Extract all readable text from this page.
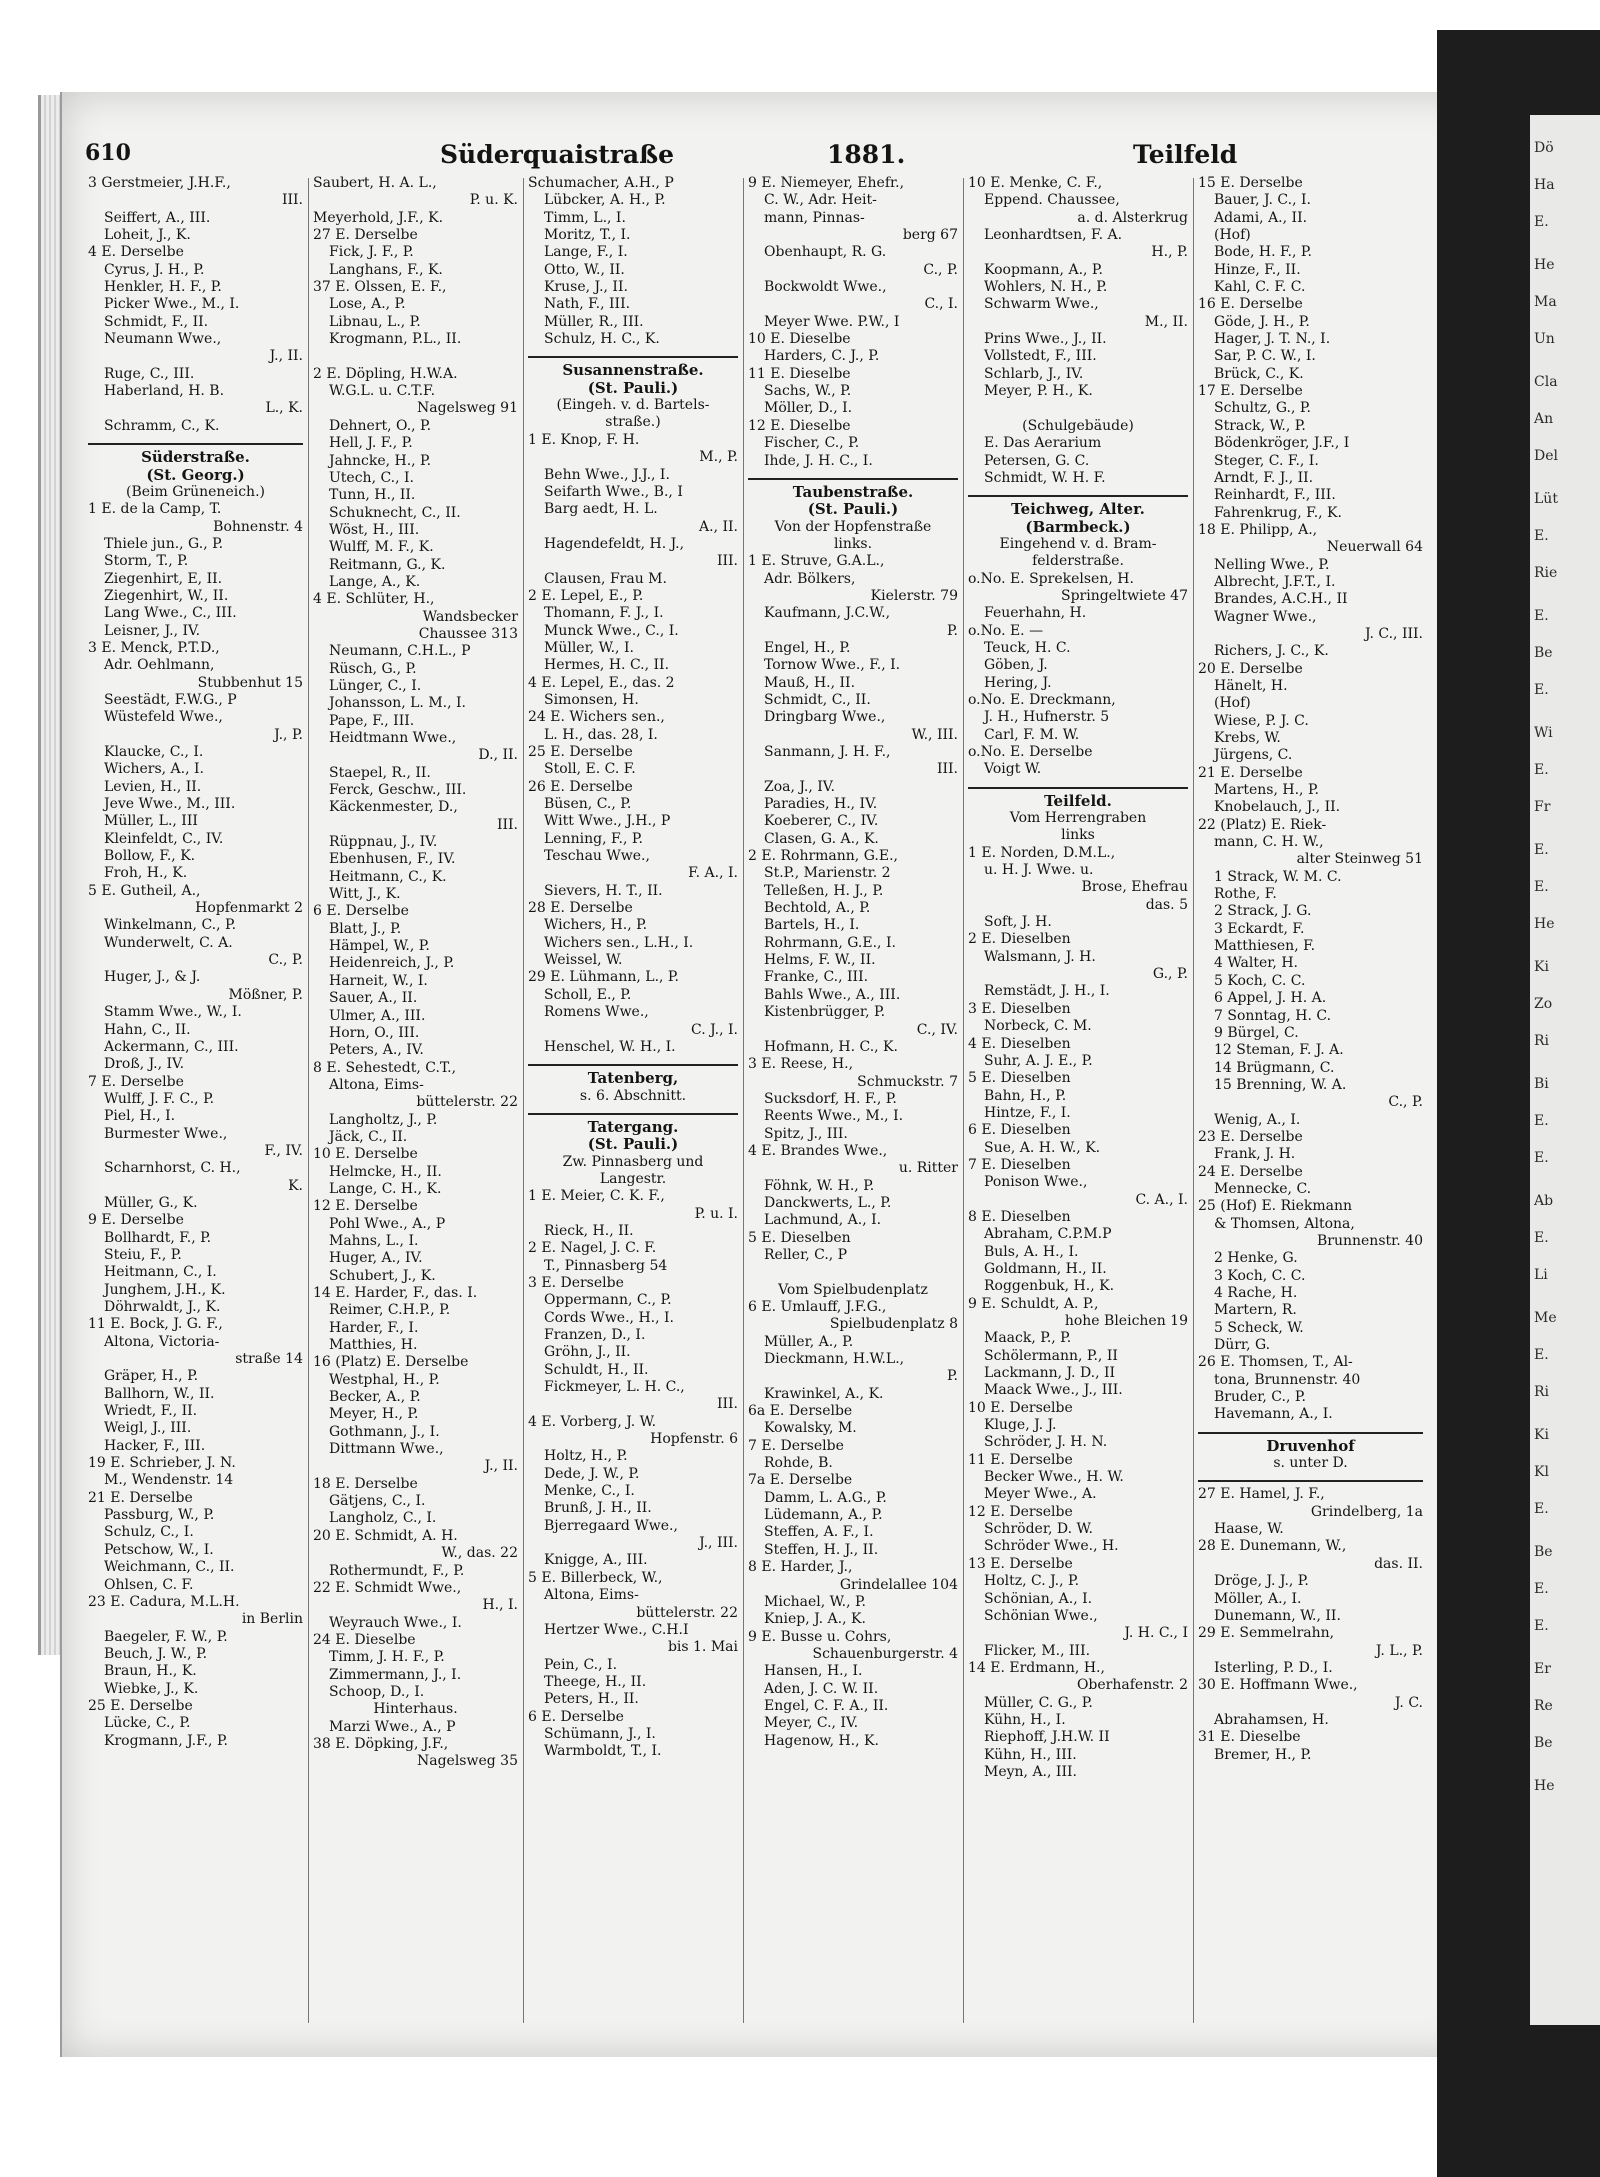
Dö
Ha
E.
He
Ma
Un
Cla
An
Del
Lüt
E.
Rie
E.
Be
E.
Wi
E.
Fr
E.
E.
He
Ki
Zo
Ri
Bi
E.
E.
Ab
E.
Li
Me
E.
Ri
Ki
Kl
E.
Be
E.
E.
Er
Re
Be
He
610	Süderquaistraße	1881.	Teilfeld
3 Gerstmeier, J.H.F.,
III.
Seiffert, A., III.
Loheit, J., K.
4 E. Derselbe
Cyrus, J. H., P.
Henkler, H. F., P.
Picker Wwe., M., I.
Schmidt, F., II.
Neumann Wwe.,
J., II.
Ruge, C., III.
Haberland, H. B.
L., K.
Schramm, C., K.
Süderstraße.
(St. Georg.)
(Beim Grüneneich.)
1 E. de la Camp, T.
Bohnenstr. 4
Thiele jun., G., P.
Storm, T., P.
Ziegenhirt, E, II.
Ziegenhirt, W., II.
Lang Wwe., C., III.
Leisner, J., IV.
3 E. Menck, P.T.D.,
Adr. Oehlmann,
Stubbenhut 15
Seestädt, F.W.G., P
Wüstefeld Wwe.,
J., P.
Klaucke, C., I.
Wichers, A., I.
Levien, H., II.
Jeve Wwe., M., III.
Müller, L., III
Kleinfeldt, C., IV.
Bollow, F., K.
Froh, H., K.
5 E. Gutheil, A.,
Hopfenmarkt 2
Winkelmann, C., P.
Wunderwelt, C. A.
C., P.
Huger, J., & J.
Mößner, P.
Stamm Wwe., W., I.
Hahn, C., II.
Ackermann, C., III.
Droß, J., IV.
7 E. Derselbe
Wulff, J. F. C., P.
Piel, H., I.
Burmester Wwe.,
F., IV.
Scharnhorst, C. H.,
K.
Müller, G., K.
9 E. Derselbe
Bollhardt, F., P.
Steiu, F., P.
Heitmann, C., I.
Junghem, J.H., K.
Döhrwaldt, J., K.
11 E. Bock, J. G. F.,
Altona, Victoria-
straße 14
Gräper, H., P.
Ballhorn, W., II.
Wriedt, F., II.
Weigl, J., III.
Hacker, F., III.
19 E. Schrieber, J. N.
M., Wendenstr. 14
21 E. Derselbe
Passburg, W., P.
Schulz, C., I.
Petschow, W., I.
Weichmann, C., II.
Ohlsen, C. F.
23 E. Cadura, M.L.H.
in Berlin
Baegeler, F. W., P.
Beuch, J. W., P.
Braun, H., K.
Wiebke, J., K.
25 E. Derselbe
Lücke, C., P.
Krogmann, J.F., P.
Saubert, H. A. L.,
P. u. K.
Meyerhold, J.F., K.
27 E. Derselbe
Fick, J. F., P.
Langhans, F., K.
37 E. Olssen, E. F.,
Lose, A., P.
Libnau, L., P.
Krogmann, P.L., II.
2 E. Döpling, H.W.A.
W.G.L. u. C.T.F.
Nagelsweg 91
Dehnert, O., P.
Hell, J. F., P.
Jahncke, H., P.
Utech, C., I.
Tunn, H., II.
Schuknecht, C., II.
Wöst, H., III.
Wulff, M. F., K.
Reitmann, G., K.
Lange, A., K.
4 E. Schlüter, H.,
Wandsbecker
Chaussee 313
Neumann, C.H.L., P
Rüsch, G., P.
Lünger, C., I.
Johansson, L. M., I.
Pape, F., III.
Heidtmann Wwe.,
D., II.
Staepel, R., II.
Ferck, Geschw., III.
Käckenmester, D.,
III.
Rüppnau, J., IV.
Ebenhusen, F., IV.
Heitmann, C., K.
Witt, J., K.
6 E. Derselbe
Blatt, J., P.
Hämpel, W., P.
Heidenreich, J., P.
Harneit, W., I.
Sauer, A., II.
Ulmer, A., III.
Horn, O., III.
Peters, A., IV.
8 E. Sehestedt, C.T.,
Altona, Eims-
büttelerstr. 22
Langholtz, J., P.
Jäck, C., II.
10 E. Derselbe
Helmcke, H., II.
Lange, C. H., K.
12 E. Derselbe
Pohl Wwe., A., P
Mahns, L., I.
Huger, A., IV.
Schubert, J., K.
14 E. Harder, F., das. I.
Reimer, C.H.P., P.
Harder, F., I.
Matthies, H.
16 (Platz) E. Derselbe
Westphal, H., P.
Becker, A., P.
Meyer, H., P.
Gothmann, J., I.
Dittmann Wwe.,
J., II.
18 E. Derselbe
Gätjens, C., I.
Langholz, C., I.
20 E. Schmidt, A. H.
W., das. 22
Rothermundt, F., P.
22 E. Schmidt Wwe.,
H., I.
Weyrauch Wwe., I.
24 E. Dieselbe
Timm, J. H. F., P.
Zimmermann, J., I.
Schoop, D., I.
Hinterhaus.
Marzi Wwe., A., P
38 E. Döpking, J.F.,
Nagelsweg 35
Schumacher, A.H., P
Lübcker, A. H., P.
Timm, L., I.
Moritz, T., I.
Lange, F., I.
Otto, W., II.
Kruse, J., II.
Nath, F., III.
Müller, R., III.
Schulz, H. C., K.
Susannenstraße.
(St. Pauli.)
(Eingeh. v. d. Bartels-
straße.)
1 E. Knop, F. H.
M., P.
Behn Wwe., J.J., I.
Seifarth Wwe., B., I
Barg aedt, H. L.
A., II.
Hagendefeldt, H. J.,
III.
Clausen, Frau M.
2 E. Lepel, E., P.
Thomann, F. J., I.
Munck Wwe., C., I.
Müller, W., I.
Hermes, H. C., II.
4 E. Lepel, E., das. 2
Simonsen, H.
24 E. Wichers sen.,
L. H., das. 28, I.
25 E. Derselbe
Stoll, E. C. F.
26 E. Derselbe
Büsen, C., P.
Witt Wwe., J.H., P
Lenning, F., P.
Teschau Wwe.,
F. A., I.
Sievers, H. T., II.
28 E. Derselbe
Wichers, H., P.
Wichers sen., L.H., I.
Weissel, W.
29 E. Lühmann, L., P.
Scholl, E., P.
Romens Wwe.,
C. J., I.
Henschel, W. H., I.
Tatenberg,
s. 6. Abschnitt.
Tatergang.
(St. Pauli.)
Zw. Pinnasberg und
Langestr.
1 E. Meier, C. K. F.,
P. u. I.
Rieck, H., II.
2 E. Nagel, J. C. F.
T., Pinnasberg 54
3 E. Derselbe
Oppermann, C., P.
Cords Wwe., H., I.
Franzen, D., I.
Gröhn, J., II.
Schuldt, H., II.
Fickmeyer, L. H. C.,
III.
4 E. Vorberg, J. W.
Hopfenstr. 6
Holtz, H., P.
Dede, J. W., P.
Menke, C., I.
Brunß, J. H., II.
Bjerregaard Wwe.,
J., III.
Knigge, A., III.
5 E. Billerbeck, W.,
Altona, Eims-
büttelerstr. 22
Hertzer Wwe., C.H.I
bis 1. Mai
Pein, C., I.
Theege, H., II.
Peters, H., II.
6 E. Derselbe
Schümann, J., I.
Warmboldt, T., I.
9 E. Niemeyer, Ehefr.,
C. W., Adr. Heit-
mann, Pinnas-
berg 67
Obenhaupt, R. G.
C., P.
Bockwoldt Wwe.,
C., I.
Meyer Wwe. P.W., I
10 E. Dieselbe
Harders, C. J., P.
11 E. Dieselbe
Sachs, W., P.
Möller, D., I.
12 E. Dieselbe
Fischer, C., P.
Ihde, J. H. C., I.
Taubenstraße.
(St. Pauli.)
Von der Hopfenstraße
links.
1 E. Struve, G.A.L.,
Adr. Bölkers,
Kielerstr. 79
Kaufmann, J.C.W.,
P.
Engel, H., P.
Tornow Wwe., F., I.
Mauß, H., II.
Schmidt, C., II.
Dringbarg Wwe.,
W., III.
Sanmann, J. H. F.,
III.
Zoa, J., IV.
Paradies, H., IV.
Koeberer, C., IV.
Clasen, G. A., K.
2 E. Rohrmann, G.E.,
St.P., Marienstr. 2
Telleßen, H. J., P.
Bechtold, A., P.
Bartels, H., I.
Rohrmann, G.E., I.
Helms, F. W., II.
Franke, C., III.
Bahls Wwe., A., III.
Kistenbrügger, P.
C., IV.
Hofmann, H. C., K.
3 E. Reese, H.,
Schmuckstr. 7
Sucksdorf, H. F., P.
Reents Wwe., M., I.
Spitz, J., III.
4 E. Brandes Wwe.,
u. Ritter
Föhnk, W. H., P.
Danckwerts, L., P.
Lachmund, A., I.
5 E. Dieselben
Reller, C., P
Vom Spielbudenplatz
6 E. Umlauff, J.F.G.,
Spielbudenplatz 8
Müller, A., P.
Dieckmann, H.W.L.,
P.
Krawinkel, A., K.
6a E. Derselbe
Kowalsky, M.
7 E. Derselbe
Rohde, B.
7a E. Derselbe
Damm, L. A.G., P.
Lüdemann, A., P.
Steffen, A. F., I.
Steffen, H. J., II.
8 E. Harder, J.,
Grindelallee 104
Michael, W., P.
Kniep, J. A., K.
9 E. Busse u. Cohrs,
Schauenburgerstr. 4
Hansen, H., I.
Aden, J. C. W. II.
Engel, C. F. A., II.
Meyer, C., IV.
Hagenow, H., K.
10 E. Menke, C. F.,
Eppend. Chaussee,
a. d. Alsterkrug
Leonhardtsen, F. A.
H., P.
Koopmann, A., P.
Wohlers, N. H., P.
Schwarm Wwe.,
M., II.
Prins Wwe., J., II.
Vollstedt, F., III.
Schlarb, J., IV.
Meyer, P. H., K.
(Schulgebäude)
E. Das Aerarium
Petersen, G. C.
Schmidt, W. H. F.
Teichweg, Alter.
(Barmbeck.)
Eingehend v. d. Bram-
felderstraße.
o.No. E. Sprekelsen, H.
Springeltwiete 47
Feuerhahn, H.
o.No. E. —
Teuck, H. C.
Göben, J.
Hering, J.
o.No. E. Dreckmann,
J. H., Hufnerstr. 5
Carl, F. M. W.
o.No. E. Derselbe
Voigt W.
Teilfeld.
Vom Herrengraben
links
1 E. Norden, D.M.L.,
u. H. J. Wwe. u.
Brose, Ehefrau
das. 5
Soft, J. H.
2 E. Dieselben
Walsmann, J. H.
G., P.
Remstädt, J. H., I.
3 E. Dieselben
Norbeck, C. M.
4 E. Dieselben
Suhr, A. J. E., P.
5 E. Dieselben
Bahn, H., P.
Hintze, F., I.
6 E. Dieselben
Sue, A. H. W., K.
7 E. Dieselben
Ponison Wwe.,
C. A., I.
8 E. Dieselben
Abraham, C.P.M.P
Buls, A. H., I.
Goldmann, H., II.
Roggenbuk, H., K.
9 E. Schuldt, A. P.,
hohe Bleichen 19
Maack, P., P.
Schölermann, P., II
Lackmann, J. D., II
Maack Wwe., J., III.
10 E. Derselbe
Kluge, J. J.
Schröder, J. H. N.
11 E. Derselbe
Becker Wwe., H. W.
Meyer Wwe., A.
12 E. Derselbe
Schröder, D. W.
Schröder Wwe., H.
13 E. Derselbe
Holtz, C. J., P.
Schönian, A., I.
Schönian Wwe.,
J. H. C., I
Flicker, M., III.
14 E. Erdmann, H.,
Oberhafenstr. 2
Müller, C. G., P.
Kühn, H., I.
Riephoff, J.H.W. II
Kühn, H., III.
Meyn, A., III.
15 E. Derselbe
Bauer, J. C., I.
Adami, A., II.
(Hof)
Bode, H. F., P.
Hinze, F., II.
Kahl, C. F. C.
16 E. Derselbe
Göde, J. H., P.
Hager, J. T. N., I.
Sar, P. C. W., I.
Brück, C., K.
17 E. Derselbe
Schultz, G., P.
Strack, W., P.
Bödenkröger, J.F., I
Steger, C. F., I.
Arndt, F. J., II.
Reinhardt, F., III.
Fahrenkrug, F., K.
18 E. Philipp, A.,
Neuerwall 64
Nelling Wwe., P.
Albrecht, J.F.T., I.
Brandes, A.C.H., II
Wagner Wwe.,
J. C., III.
Richers, J. C., K.
20 E. Derselbe
Hänelt, H.
(Hof)
Wiese, P. J. C.
Krebs, W.
Jürgens, C.
21 E. Derselbe
Martens, H., P.
Knobelauch, J., II.
22 (Platz) E. Riek-
mann, C. H. W.,
alter Steinweg 51
1 Strack, W. M. C.
Rothe, F.
2 Strack, J. G.
3 Eckardt, F.
Matthiesen, F.
4 Walter, H.
5 Koch, C. C.
6 Appel, J. H. A.
7 Sonntag, H. C.
9 Bürgel, C.
12 Steman, F. J. A.
14 Brügmann, C.
15 Brenning, W. A.
C., P.
Wenig, A., I.
23 E. Derselbe
Frank, J. H.
24 E. Derselbe
Mennecke, C.
25 (Hof) E. Riekmann
& Thomsen, Altona,
Brunnenstr. 40
2 Henke, G.
3 Koch, C. C.
4 Rache, H.
Martern, R.
5 Scheck, W.
Dürr, G.
26 E. Thomsen, T., Al-
tona, Brunnenstr. 40
Bruder, C., P.
Havemann, A., I.
Druvenhof
s. unter D.
27 E. Hamel, J. F.,
Grindelberg, 1a
Haase, W.
28 E. Dunemann, W.,
das. II.
Dröge, J. J., P.
Möller, A., I.
Dunemann, W., II.
29 E. Semmelrahn,
J. L., P.
Isterling, P. D., I.
30 E. Hoffmann Wwe.,
J. C.
Abrahamsen, H.
31 E. Dieselbe
Bremer, H., P.
